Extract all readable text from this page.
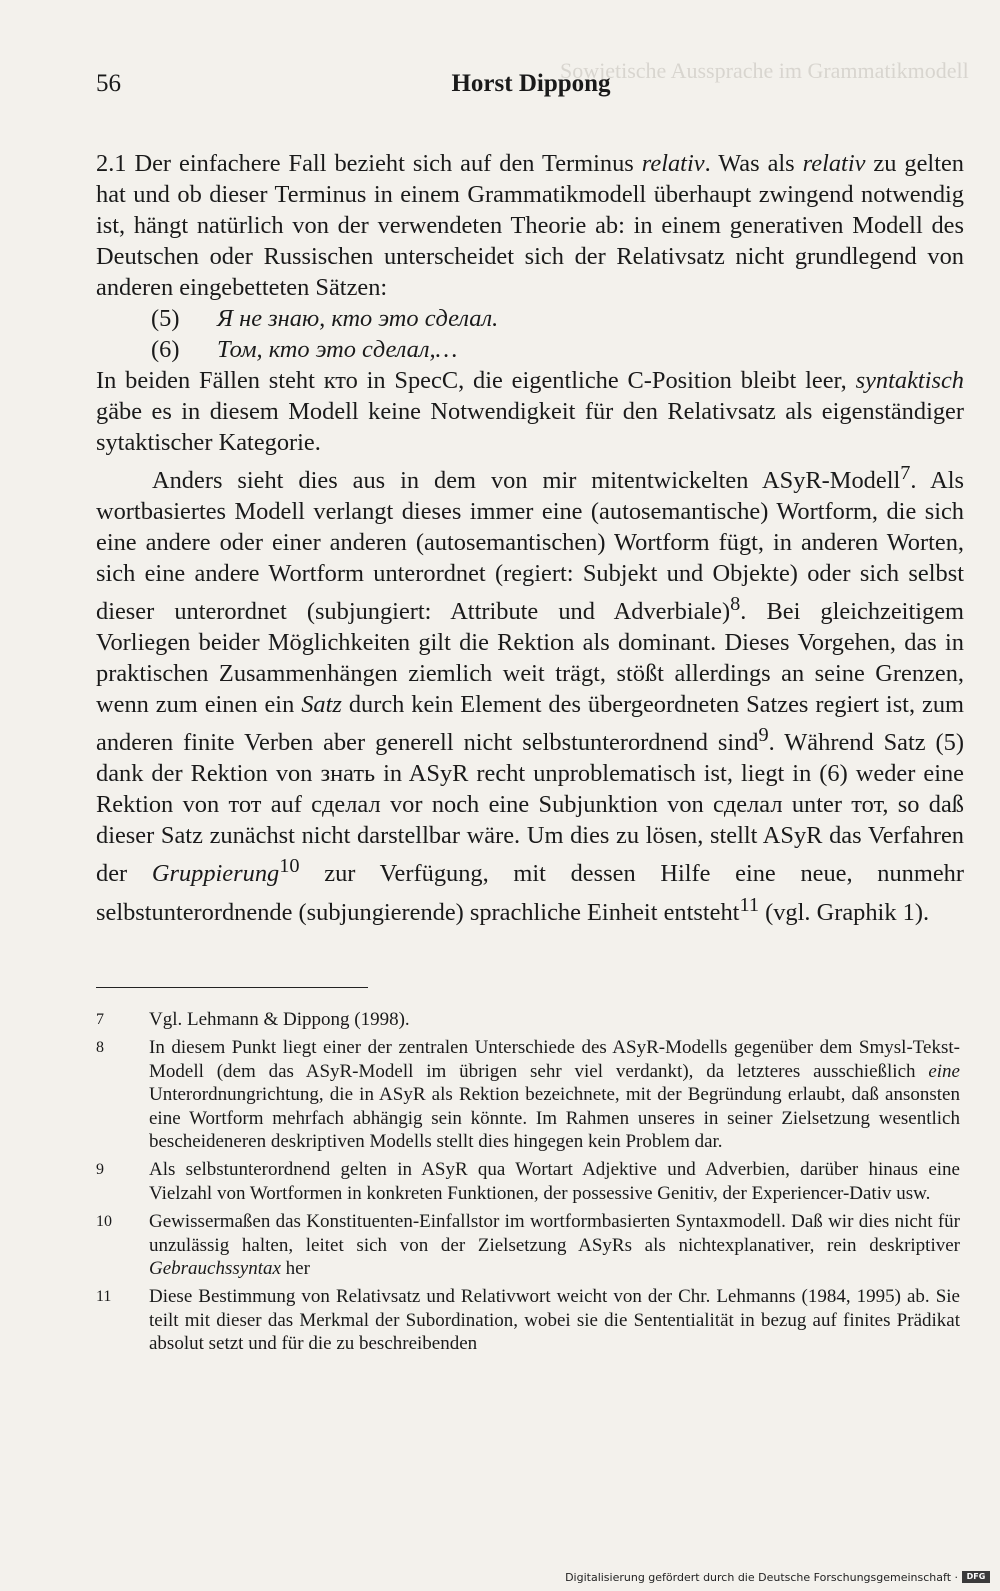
Sowjetische Aussprache im Grammatikmodell
56	Horst Dippong

2.1 Der einfachere Fall bezieht sich auf den Terminus relativ. Was als relativ zu gelten hat und ob dieser Terminus in einem Grammatikmodell überhaupt zwingend notwendig ist, hängt natürlich von der verwendeten Theorie ab: in einem generativen Modell des Deutschen oder Russischen unterscheidet sich der Relativsatz nicht grundlegend von anderen eingebetteten Sätzen:

(5)	Я не знаю, кто это сделал.
(6)	Том, кто это сделал,…

In beiden Fällen steht кто in SpecC, die eigentliche C-Position bleibt leer, syntaktisch gäbe es in diesem Modell keine Notwendigkeit für den Relativsatz als eigenständiger sytaktischer Kategorie.

Anders sieht dies aus in dem von mir mitentwickelten ASyR-Modell$^7$. Als wortbasiertes Modell verlangt dieses immer eine (autosemantische) Wortform, die sich eine andere oder einer anderen (autosemantischen) Wortform fügt, in anderen Worten, sich eine andere Wortform unterordnet (regiert: Subjekt und Objekte) oder sich selbst dieser unterordnet (subjungiert: Attribute und Adverbiale)$^8$. Bei gleichzeitigem Vorliegen beider Möglichkeiten gilt die Rektion als dominant. Dieses Vorgehen, das in praktischen Zusammenhängen ziemlich weit trägt, stößt allerdings an seine Grenzen, wenn zum einen ein Satz durch kein Element des übergeordneten Satzes regiert ist, zum anderen finite Verben aber generell nicht selbstunterordnend sind$^9$. Während Satz (5) dank der Rektion von знать in ASyR recht unproblematisch ist, liegt in (6) weder eine Rektion von тот auf сделал vor noch eine Subjunktion von сделал unter тот, so daß dieser Satz zunächst nicht darstellbar wäre. Um dies zu lösen, stellt ASyR das Verfahren der Gruppierung$^{10}$ zur Verfügung, mit dessen Hilfe eine neue, nunmehr selbstunterordnende (subjungierende) sprachliche Einheit entsteht$^{11}$ (vgl. Graphik 1).

7	Vgl. Lehmann & Dippong (1998).
8	In diesem Punkt liegt einer der zentralen Unterschiede des ASyR-Modells gegenüber dem Smysl-Tekst-Modell (dem das ASyR-Modell im übrigen sehr viel verdankt), da letzteres ausschießlich eine Unterordnungrichtung, die in ASyR als Rektion bezeichnete, mit der Begründung erlaubt, daß ansonsten eine Wortform mehrfach abhängig sein könnte. Im Rahmen unseres in seiner Zielsetzung wesentlich bescheideneren deskriptiven Modells stellt dies hingegen kein Problem dar.
9	Als selbstunterordnend gelten in ASyR qua Wortart Adjektive und Adverbien, darüber hinaus eine Vielzahl von Wortformen in konkreten Funktionen, der possessive Genitiv, der Experiencer-Dativ usw.
10	Gewissermaßen das Konstituenten-Einfallstor im wortformbasierten Syntaxmodell. Daß wir dies nicht für unzulässig halten, leitet sich von der Zielsetzung ASyRs als nichtexplanativer, rein deskriptiver Gebrauchssyntax her
11	Diese Bestimmung von Relativsatz und Relativwort weicht von der Chr. Lehmanns (1984, 1995) ab. Sie teilt mit dieser das Merkmal der Subordination, wobei sie die Sententialität in bezug auf finites Prädikat absolut setzt und für die zu beschreibenden
Digitalisierung gefördert durch die Deutsche Forschungsgemeinschaft ·	DFG
